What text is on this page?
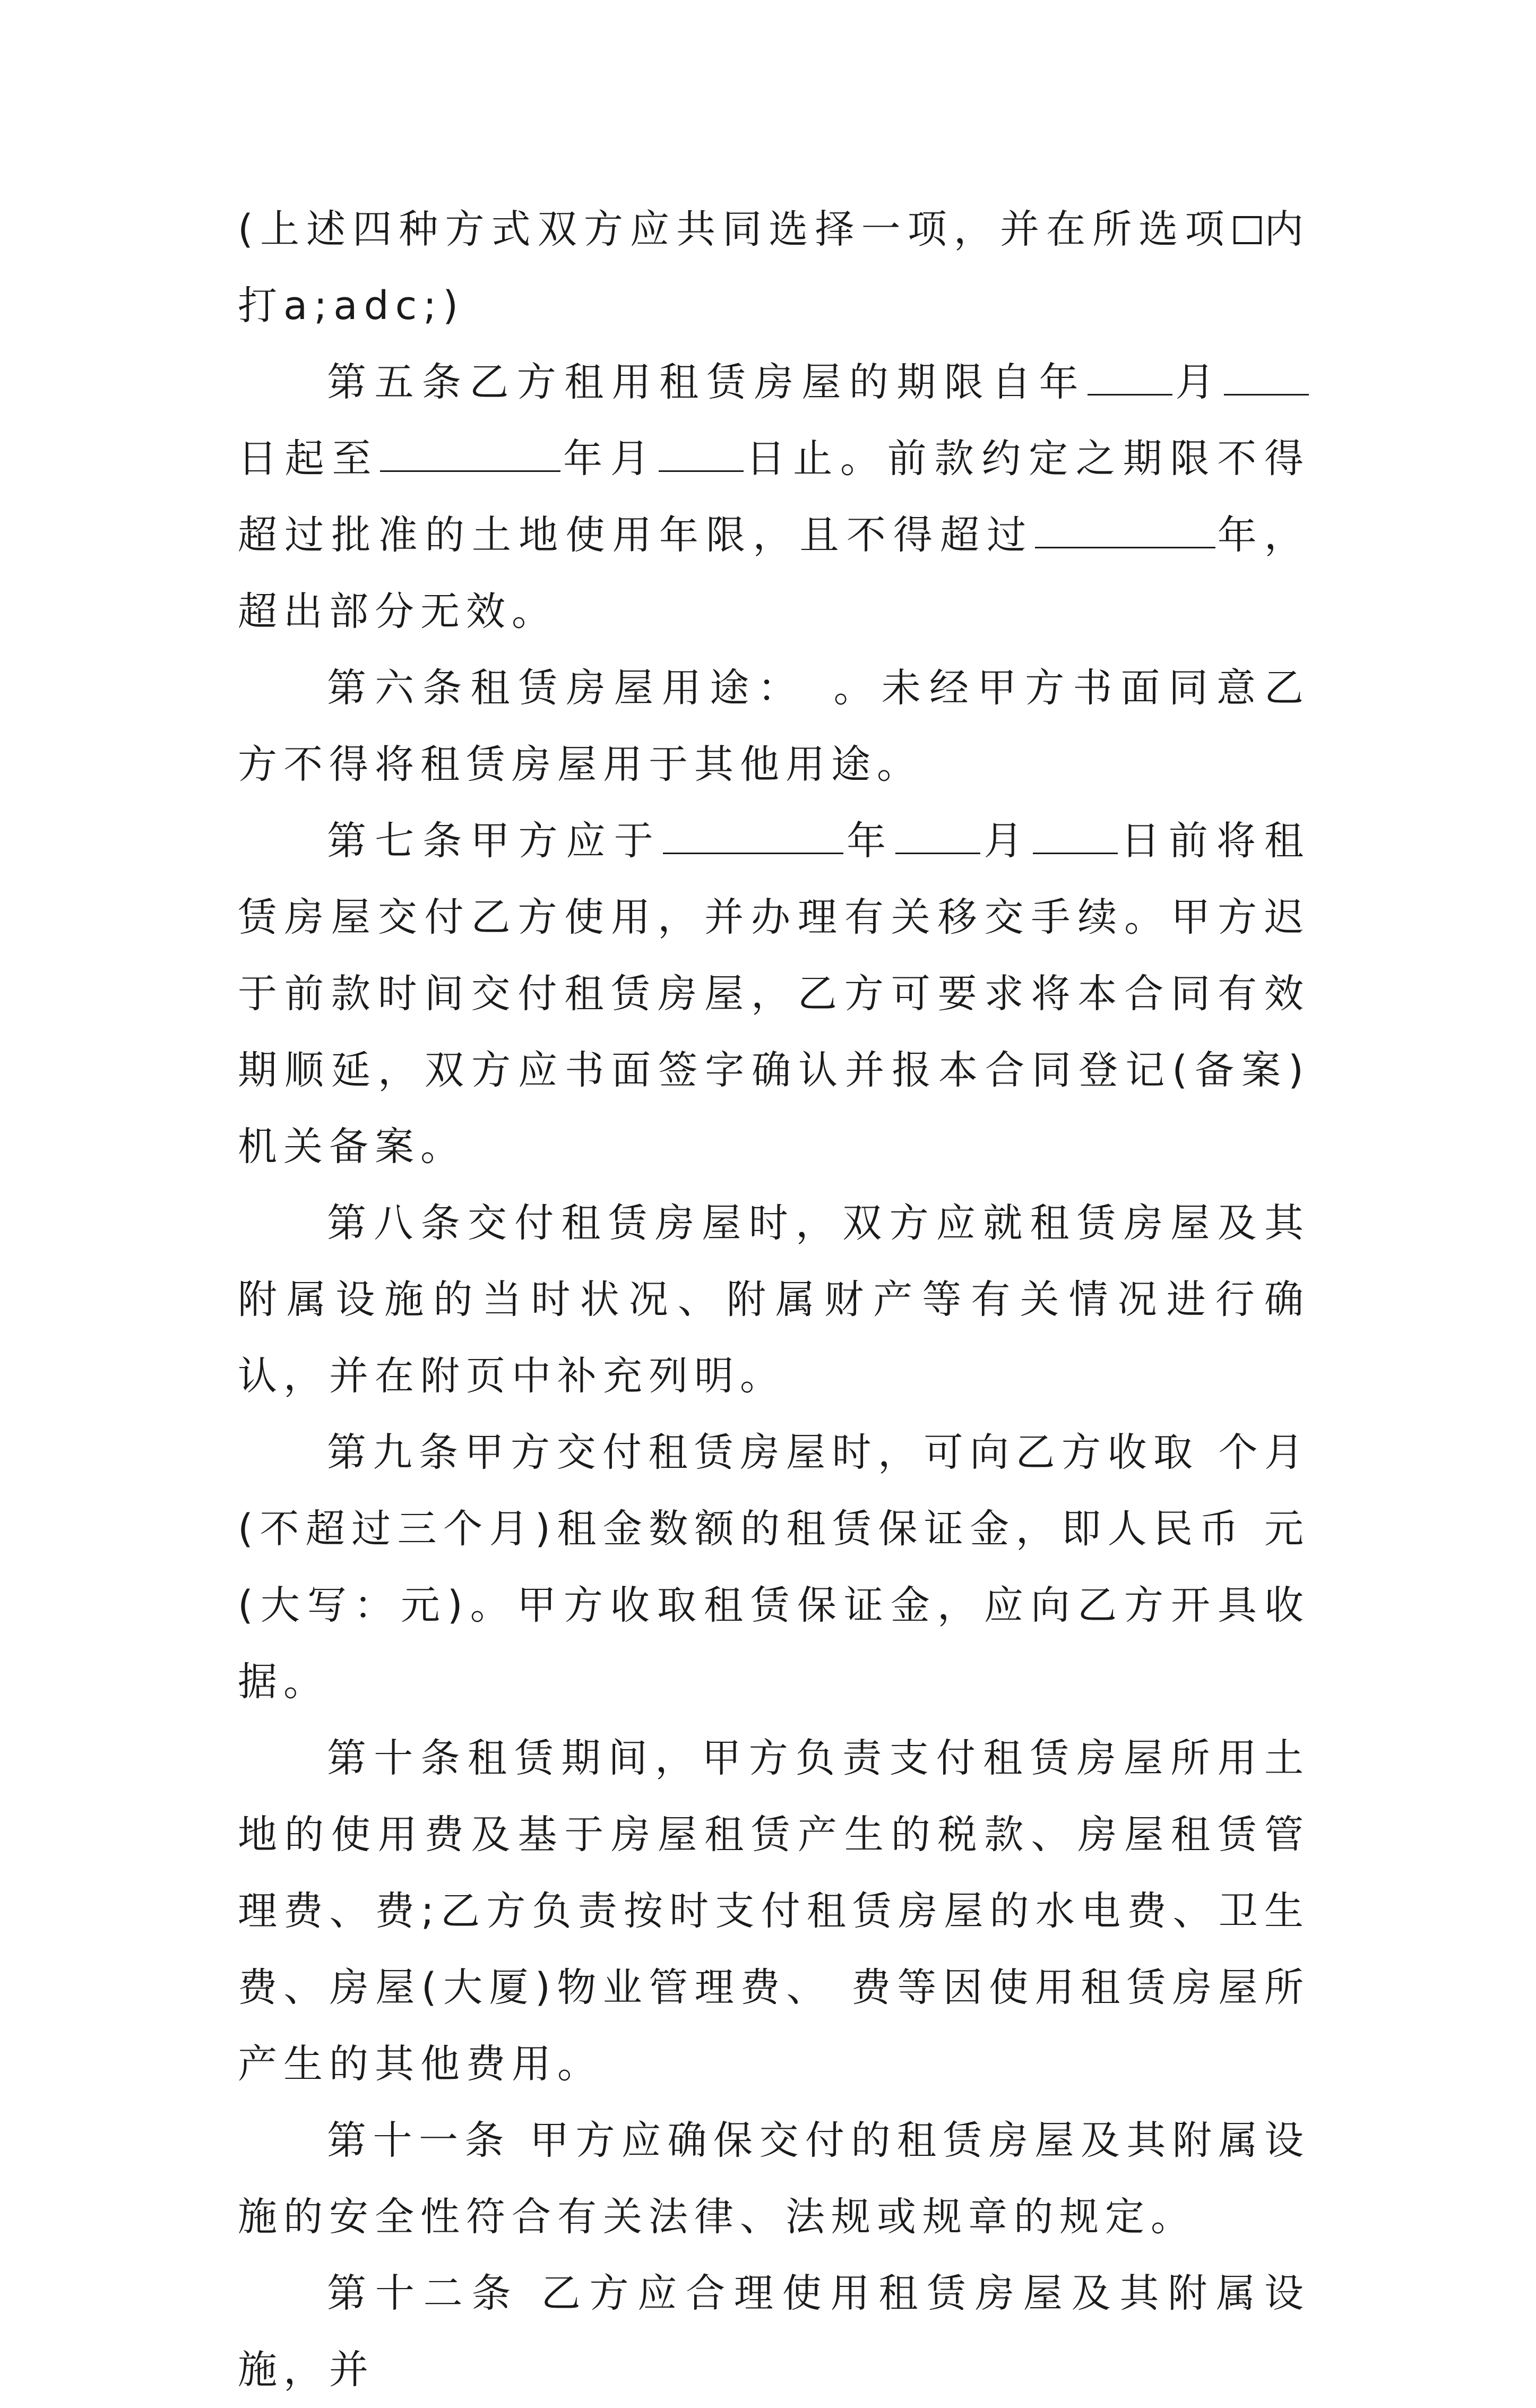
(上述四种方式双方应共同选择一项，并在所选项 内打a;adc;)

第五条乙方租用租赁房屋的期限自年 月日起至	年月 日止。前款约定之期限不得超过批准的土地使用年限，且不得超过	年，超出部分无效。

第六条租赁房屋用途：　。未经甲方书面同意乙方不得将租赁房屋用于其他用途。

第七条甲方应于	年 月 日前将租赁房屋交付乙方使用，并办理有关移交手续。甲方迟于前款时间交付租赁房屋，乙方可要求将本合同有效期顺延，双方应书面签字确认并报本合同登记(备案)机关备案。

第八条交付租赁房屋时，双方应就租赁房屋及其附属设施的当时状况、附属财产等有关情况进行确认，并在附页中补充列明。

第九条甲方交付租赁房屋时，可向乙方收取 个月(不超过三个月)租金数额的租赁保证金，即人民币 元(大写：元)。甲方收取租赁保证金，应向乙方开具收据。

第十条租赁期间，甲方负责支付租赁房屋所用土地的使用费及基于房屋租赁产生的税款、房屋租赁管理费、费;乙方负责按时支付租赁房屋的水电费、卫生费、房屋(大厦)物业管理费、 费等因使用租赁房屋所产生的其他费用。

第十一条 甲方应确保交付的租赁房屋及其附属设施的安全性符合有关法律、法规或规章的规定。

第十二条 乙方应合理使用租赁房屋及其附属设施，并
